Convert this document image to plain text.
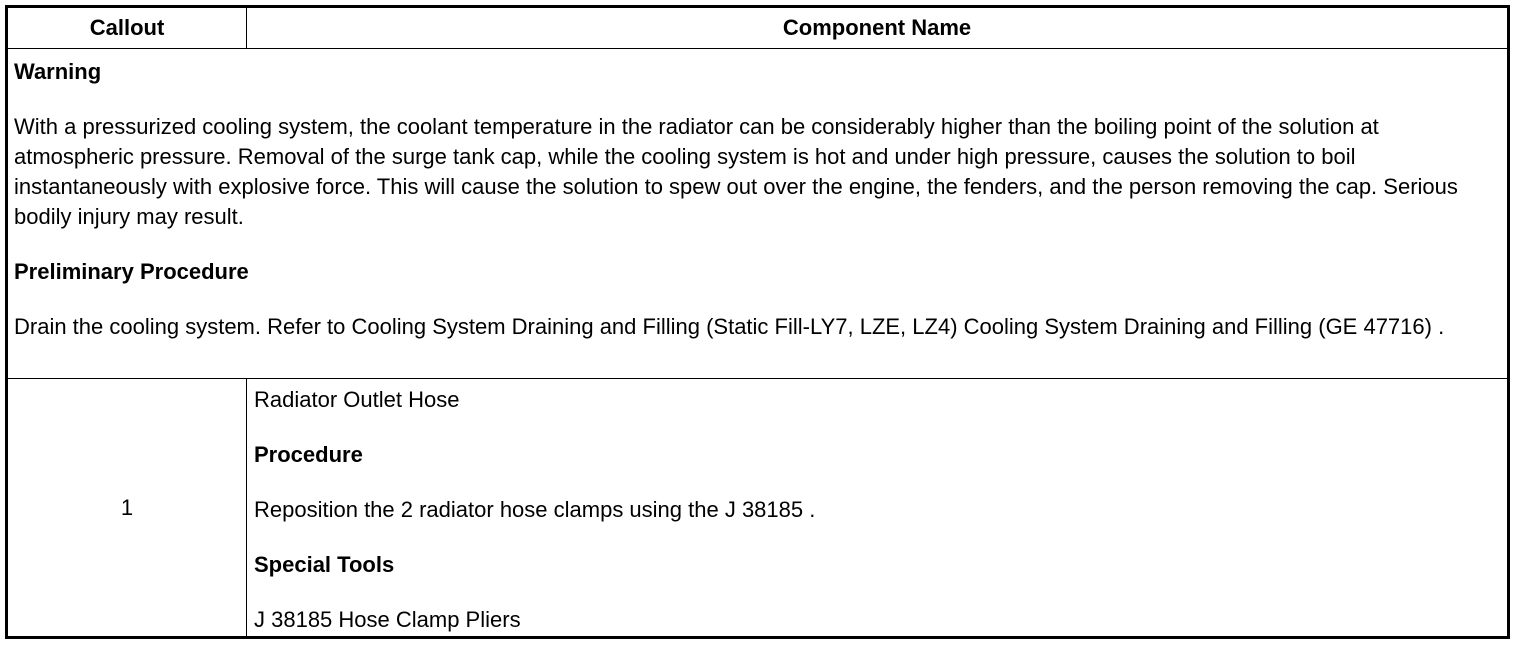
Callout	Component Name

Warning

With a pressurized cooling system, the coolant temperature in the radiator can be considerably higher than the boiling point of the solution at atmospheric pressure. Removal of the surge tank cap, while the cooling system is hot and under high pressure, causes the solution to boil instantaneously with explosive force. This will cause the solution to spew out over the engine, the fenders, and the person removing the cap. Serious bodily injury may result.

Preliminary Procedure

Drain the cooling system. Refer to Cooling System Draining and Filling (Static Fill-LY7, LZE, LZ4) Cooling System Draining and Filling (GE 47716) .	

1	Radiator Outlet Hose

Procedure

Reposition the 2 radiator hose clamps using the J 38185 .

Special Tools

J 38185 Hose Clamp Pliers
